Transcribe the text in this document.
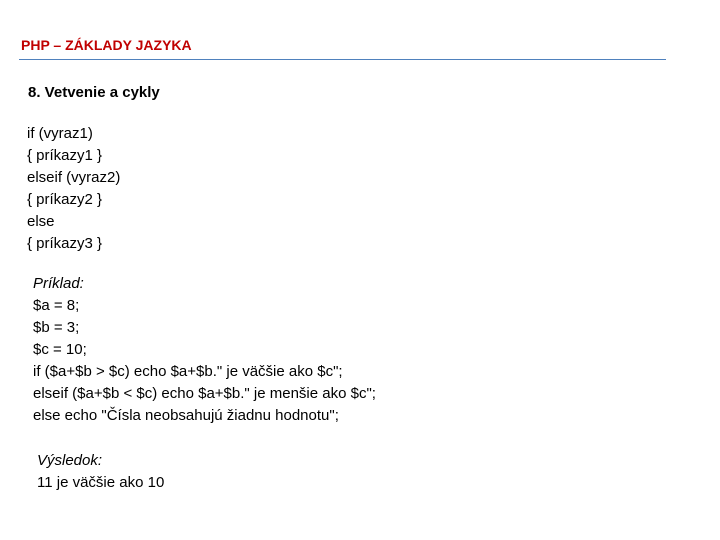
PHP – ZÁKLADY JAZYKA
8. Vetvenie a cykly
if (vyraz1)
{ príkazy1 }
elseif (vyraz2)
{ príkazy2 }
else
{ príkazy3 }
Príklad:
$a = 8;
$b = 3;
$c = 10;
if ($a+$b > $c) echo $a+$b." je väčšie ako $c";
elseif ($a+$b < $c) echo $a+$b." je menšie ako $c";
else echo "Čísla neobsahujú žiadnu hodnotu";
Výsledok:
11 je väčšie ako 10
